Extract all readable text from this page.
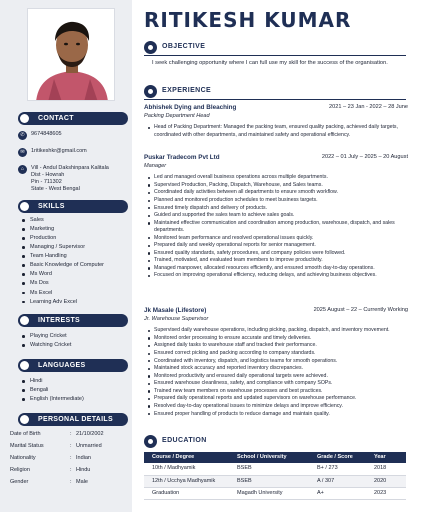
CONTACT
✆	9674848605
✉	1ritikeshkr@gmail.com
⌂	Vill - Andul Dakshinpara Kalitala
Dist - Howrah
Pin - 711302
State - West Bengal
SKILLS
Sales
Marketing
Production
Managing / Supervisor
Team Handling
Basic Knowledge of Computer
Ms Word
Ms Dos
Ms Excel
Learning Adv Excel
INTERESTS
Playing Cricket
Watching Cricket
LANGUAGES
Hindi
Bengali
English (Intermediate)
PERSONAL DETAILS
Date of Birth	: 21/10/2002
Marital Status	: Unmarried
Nationality	: Indian
Religion	: Hindu
Gender	: Male
RITIKESH KUMAR
OBJECTIVE
I seek challenging opportunity where I can full use my skill for the success of the organisation.
EXPERIENCE
Abhishek Dying and Bleaching	2021 – 23 Jan - 2022 – 28 June
Packing Department Head
Head of Packing Department: Managed the packing team, ensured quality packing, achieved daily targets, coordinated with other departments, and maintained safety and operational efficiency.
Puskar Tradecom Pvt Ltd	2022 – 01 July – 2025 – 20 August
Manager
Led and managed overall business operations across multiple departments.
Supervised Production, Packing, Dispatch, Warehouse, and Sales teams.
Coordinated daily activities between all departments to ensure smooth workflow.
Planned and monitored production schedules to meet business targets.
Ensured timely dispatch and delivery of products.
Guided and supported the sales team to achieve sales goals.
Maintained effective communication and coordination among production, warehouse, dispatch, and sales departments.
Monitored team performance and resolved operational issues quickly.
Prepared daily and weekly operational reports for senior management.
Ensured quality standards, safety procedures, and company policies were followed.
Trained, motivated, and evaluated team members to improve productivity.
Managed manpower, allocated resources efficiently, and ensured smooth day-to-day operations.
Focused on improving operational efficiency, reducing delays, and achieving business objectives.
Jk Masale (Lifestore)	2025 August – 22 – Currently Working
Jr. Warehouse Supervisor
Supervised daily warehouse operations, including picking, packing, dispatch, and inventory movement.
Monitored order processing to ensure accurate and timely deliveries.
Assigned daily tasks to warehouse staff and tracked their performance.
Ensured correct picking and packing according to company standards.
Coordinated with inventory, dispatch, and logistics teams for smooth operations.
Maintained stock accuracy and reported inventory discrepancies.
Monitored productivity and ensured daily operational targets were achieved.
Ensured warehouse cleanliness, safety, and compliance with company SOPs.
Trained new team members on warehouse processes and best practices.
Prepared daily operational reports and updated supervisors on warehouse performance.
Resolved day-to-day operational issues to minimize delays and improve efficiency.
Ensured proper handling of products to reduce damage and maintain quality.
EDUCATION
Course / Degree	School / University	Grade / Score	Year
10th / Madhyamik	BSEB	B+ / 273	2018
12th / Ucchya Madhyamik	BSEB	A / 307	2020
Graduation	Magadh University	A+	2023
